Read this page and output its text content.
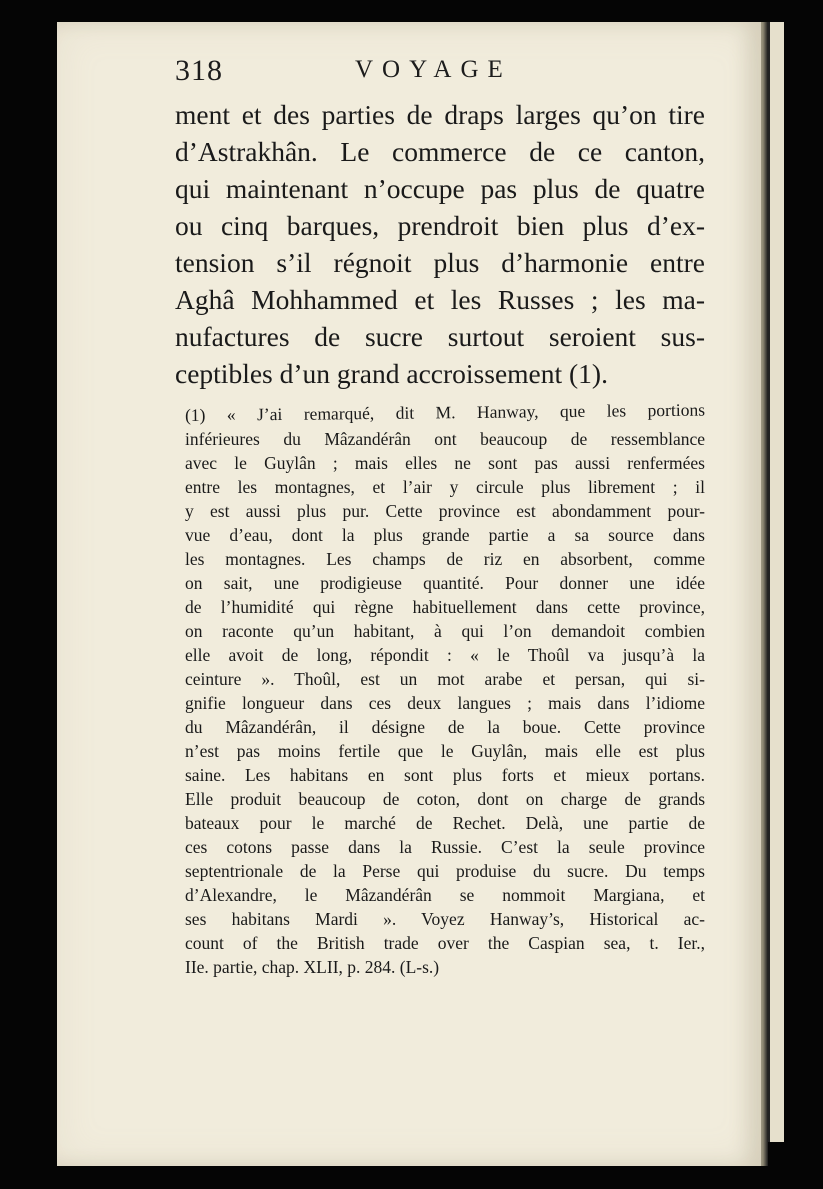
318	VOYAGE
ment et des parties de draps larges qu’on tire
d’Astrakhân. Le commerce de ce canton,
qui maintenant n’occupe pas plus de quatre
ou cinq barques, prendroit bien plus d’ex-
tension s’il régnoit plus d’harmonie entre
Aghâ Mohhammed et les Russes ; les ma-
nufactures de sucre surtout seroient sus-
ceptibles d’un grand accroissement (1).
(1) « J’ai remarqué, dit M. Hanway, que les portions
inférieures du Mâzandérân ont beaucoup de ressemblance
avec le Guylân ; mais elles ne sont pas aussi renfermées
entre les montagnes, et l’air y circule plus librement ; il
y est aussi plus pur. Cette province est abondamment pour-
vue d’eau, dont la plus grande partie a sa source dans
les montagnes. Les champs de riz en absorbent, comme
on sait, une prodigieuse quantité. Pour donner une idée
de l’humidité qui règne habituellement dans cette province,
on raconte qu’un habitant, à qui l’on demandoit combien
elle avoit de long, répondit : « le Thoûl va jusqu’à la
ceinture ». Thoûl, est un mot arabe et persan, qui si-
gnifie longueur dans ces deux langues ; mais dans l’idiome
du Mâzandérân, il désigne de la boue. Cette province
n’est pas moins fertile que le Guylân, mais elle est plus
saine. Les habitans en sont plus forts et mieux portans.
Elle produit beaucoup de coton, dont on charge de grands
bateaux pour le marché de Rechet. Delà, une partie de
ces cotons passe dans la Russie. C’est la seule province
septentrionale de la Perse qui produise du sucre. Du temps
d’Alexandre, le Mâzandérân se nommoit Margiana, et
ses habitans Mardi ». Voyez Hanway’s, Historical ac-
count of the British trade over the Caspian sea, t. Ier.,
IIe. partie, chap. XLII, p. 284. (L-s.)
